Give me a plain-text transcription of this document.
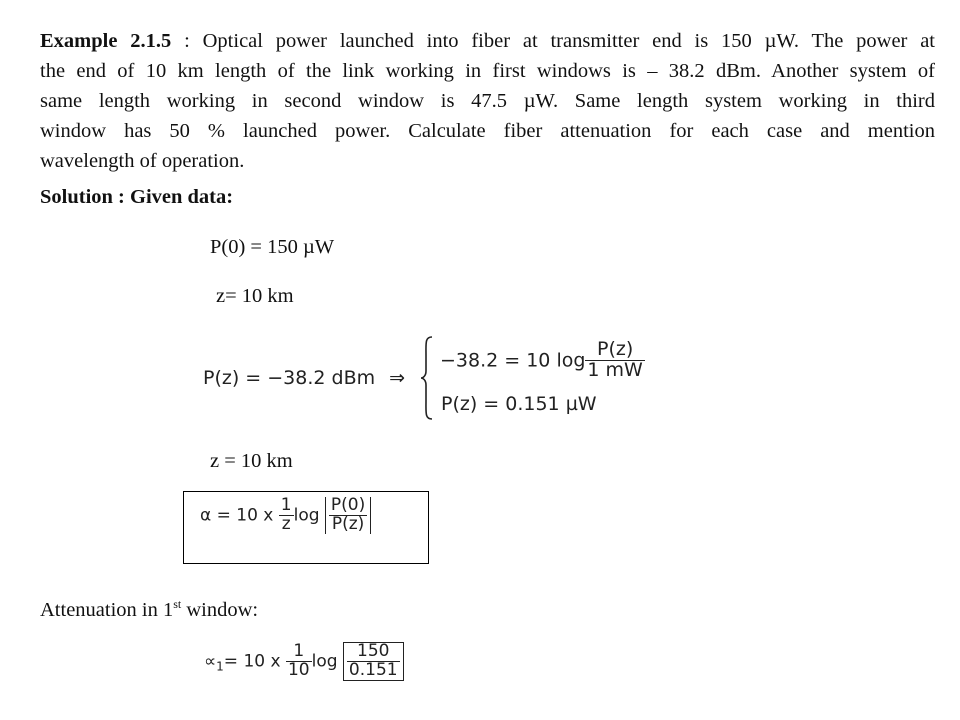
Example 2.1.5 : Optical power launched into fiber at transmitter end is 150 µW. The power at
the end of 10 km length of the link working in first windows is – 38.2 dBm. Another system of
same length working in second window is 47.5 µW. Same length system working in third
window has 50 % launched power. Calculate fiber attenuation for each case and mention
wavelength of operation.
Solution : Given data:
P(0) = 150 µW
z= 10 km
P(z) = −38.2 dBm ⇒
−38.2 = 10 $\log \frac{P(z)}{1 mW}$
P(z) = 0.151 µW
z = 10 km
α = 10 x $\frac{1}{z}$ $\log \frac{P(0)}{P(z)}$
Attenuation in 1st window:
$\propto_1= 10$ x $\frac{1}{10}$ $\log \frac{150}{0.151}$
